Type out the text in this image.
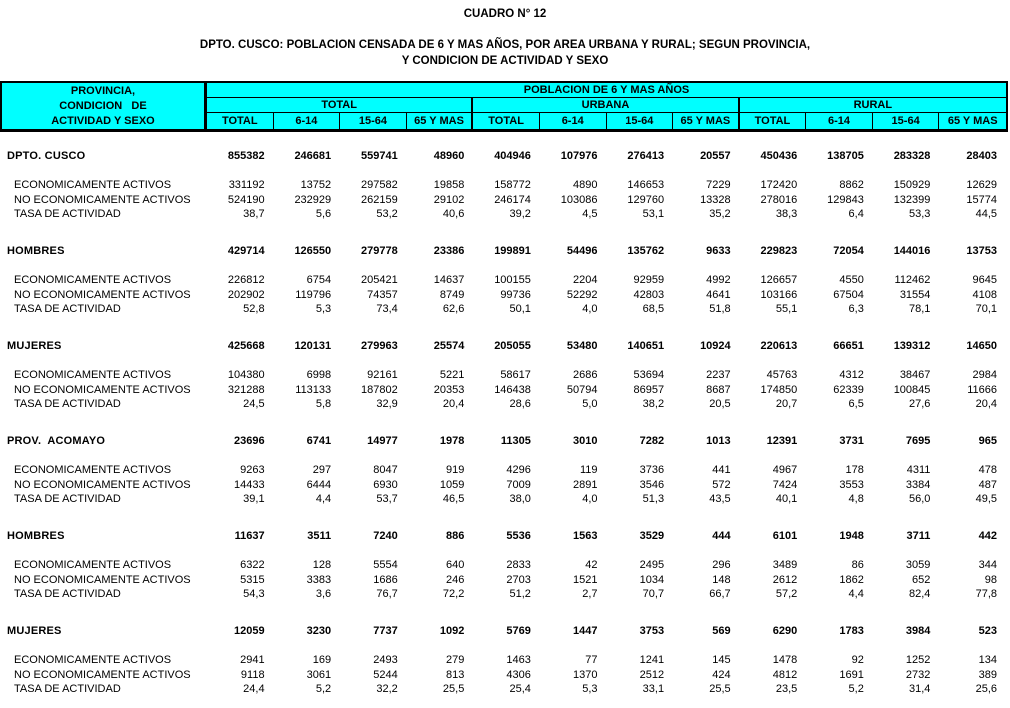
CUADRO N° 12
DPTO. CUSCO: POBLACION CENSADA DE 6 Y MAS AÑOS, POR AREA URBANA Y RURAL; SEGUN PROVINCIA,
Y CONDICION DE ACTIVIDAD Y SEXO
PROVINCIA,
CONDICION   DE
ACTIVIDAD Y SEXO
POBLACION DE 6 Y MAS AÑOS
TOTAL	URBANA	RURAL
TOTAL	6-14	15-64	65 Y MAS	TOTAL	6-14	15-64	65 Y MAS	TOTAL	6-14	15-64	65 Y MAS
DPTO. CUSCO	855382	246681	559741	48960	404946	107976	276413	20557	450436	138705	283328	28403
ECONOMICAMENTE ACTIVOS	331192	13752	297582	19858	158772	4890	146653	7229	172420	8862	150929	12629
NO ECONOMICAMENTE ACTIVOS	524190	232929	262159	29102	246174	103086	129760	13328	278016	129843	132399	15774
TASA DE ACTIVIDAD	38,7	5,6	53,2	40,6	39,2	4,5	53,1	35,2	38,3	6,4	53,3	44,5
HOMBRES	429714	126550	279778	23386	199891	54496	135762	9633	229823	72054	144016	13753
ECONOMICAMENTE ACTIVOS	226812	6754	205421	14637	100155	2204	92959	4992	126657	4550	112462	9645
NO ECONOMICAMENTE ACTIVOS	202902	119796	74357	8749	99736	52292	42803	4641	103166	67504	31554	4108
TASA DE ACTIVIDAD	52,8	5,3	73,4	62,6	50,1	4,0	68,5	51,8	55,1	6,3	78,1	70,1
MUJERES	425668	120131	279963	25574	205055	53480	140651	10924	220613	66651	139312	14650
ECONOMICAMENTE ACTIVOS	104380	6998	92161	5221	58617	2686	53694	2237	45763	4312	38467	2984
NO ECONOMICAMENTE ACTIVOS	321288	113133	187802	20353	146438	50794	86957	8687	174850	62339	100845	11666
TASA DE ACTIVIDAD	24,5	5,8	32,9	20,4	28,6	5,0	38,2	20,5	20,7	6,5	27,6	20,4
PROV.  ACOMAYO	23696	6741	14977	1978	11305	3010	7282	1013	12391	3731	7695	965
ECONOMICAMENTE ACTIVOS	9263	297	8047	919	4296	119	3736	441	4967	178	4311	478
NO ECONOMICAMENTE ACTIVOS	14433	6444	6930	1059	7009	2891	3546	572	7424	3553	3384	487
TASA DE ACTIVIDAD	39,1	4,4	53,7	46,5	38,0	4,0	51,3	43,5	40,1	4,8	56,0	49,5
HOMBRES	11637	3511	7240	886	5536	1563	3529	444	6101	1948	3711	442
ECONOMICAMENTE ACTIVOS	6322	128	5554	640	2833	42	2495	296	3489	86	3059	344
NO ECONOMICAMENTE ACTIVOS	5315	3383	1686	246	2703	1521	1034	148	2612	1862	652	98
TASA DE ACTIVIDAD	54,3	3,6	76,7	72,2	51,2	2,7	70,7	66,7	57,2	4,4	82,4	77,8
MUJERES	12059	3230	7737	1092	5769	1447	3753	569	6290	1783	3984	523
ECONOMICAMENTE ACTIVOS	2941	169	2493	279	1463	77	1241	145	1478	92	1252	134
NO ECONOMICAMENTE ACTIVOS	9118	3061	5244	813	4306	1370	2512	424	4812	1691	2732	389
TASA DE ACTIVIDAD	24,4	5,2	32,2	25,5	25,4	5,3	33,1	25,5	23,5	5,2	31,4	25,6
